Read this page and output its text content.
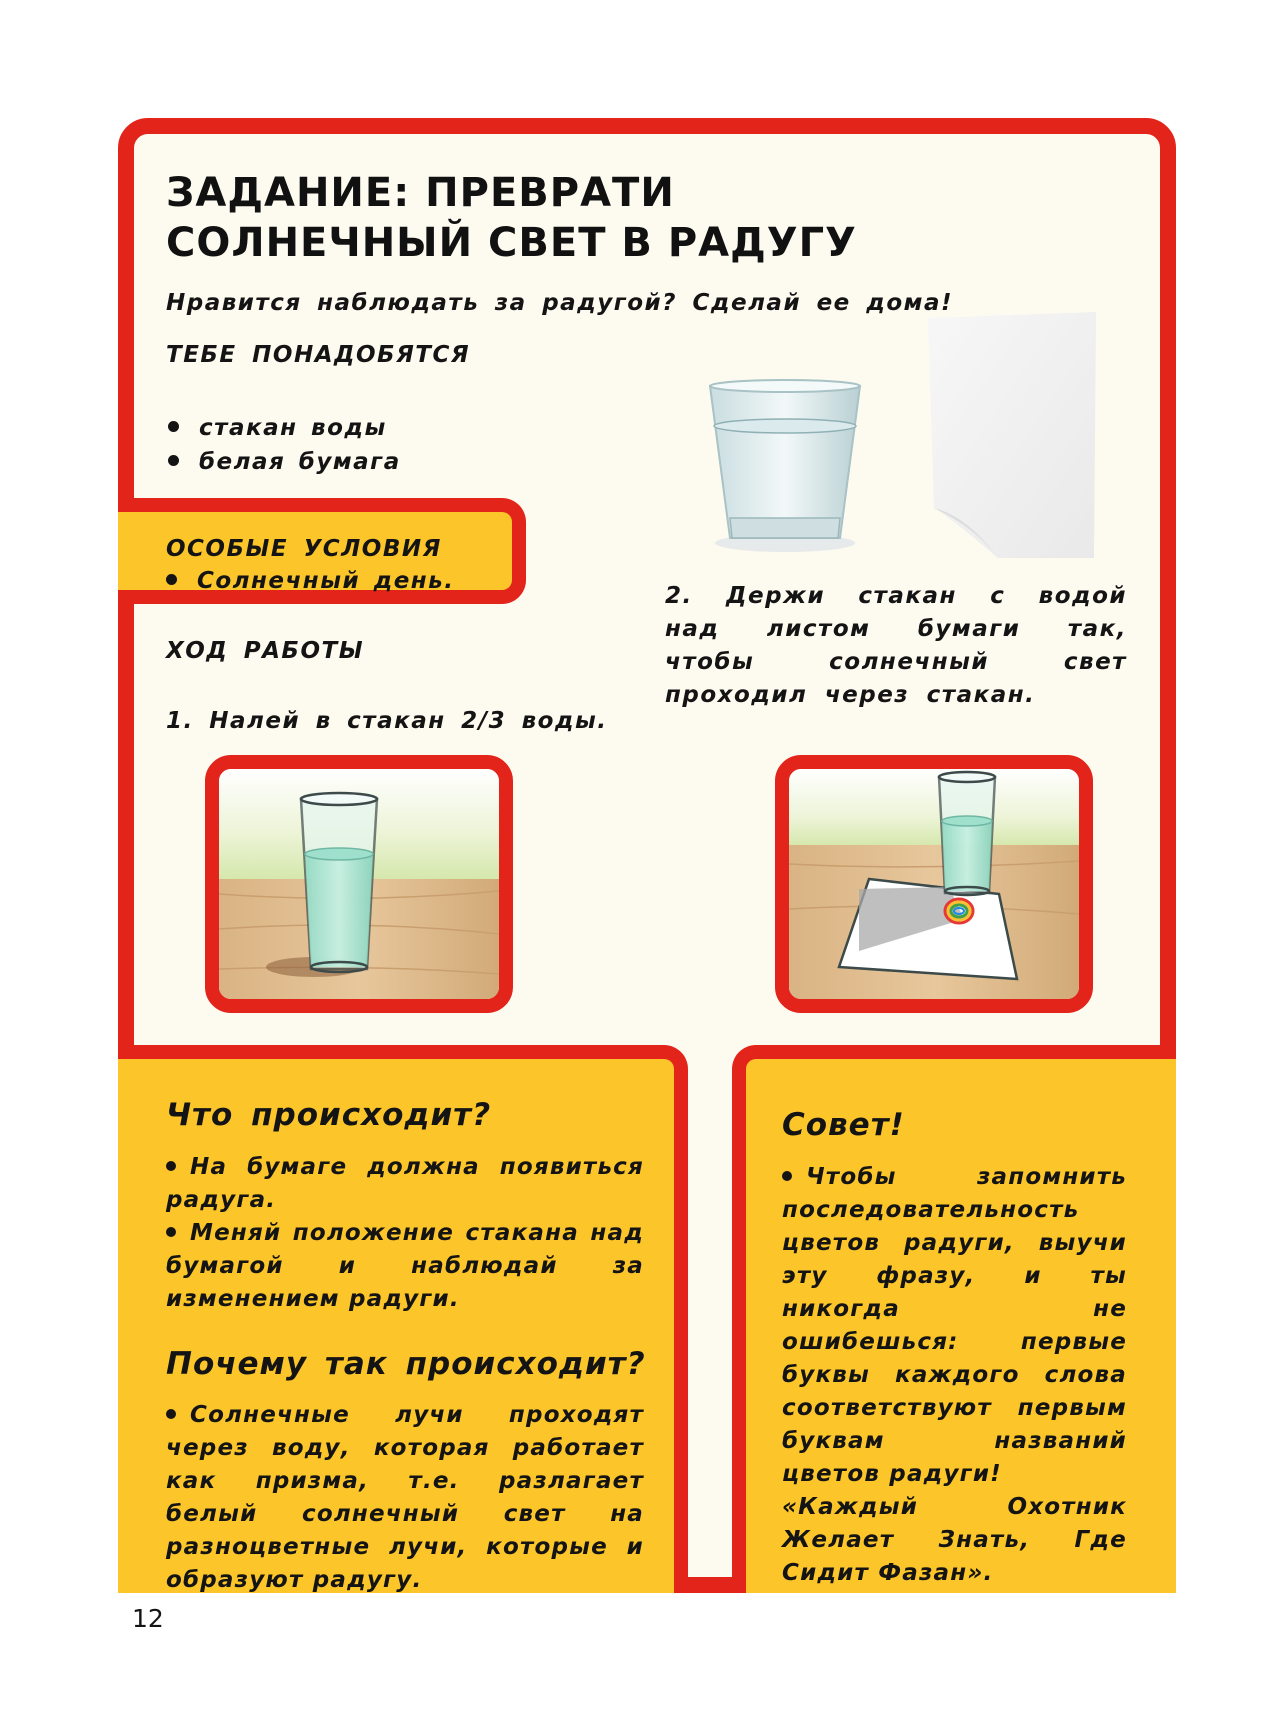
ЗАДАНИЕ: ПРЕВРАТИ
СОЛНЕЧНЫЙ СВЕТ В РАДУГУ
Нравится наблюдать за радугой? Сделай ее дома!
ТЕБЕ ПОНАДОБЯТСЯ
стакан воды
белая бумага
ОСОБЫЕ УСЛОВИЯ
Солнечный день.
2. Держи стакан с водой над листом бумаги так, чтобы солнечный свет проходил через стакан.
ХОД РАБОТЫ
1. Налей в стакан 2/3 воды.
Что происходит?

На бумаге должна появиться радуга.

Меняй положение стакана над бумагой и наблюдай за изменением радуги.

Почему так происходит?

Солнечные лучи проходят через воду, которая работает как призма, т.е. разлагает белый солнечный свет на разноцветные лучи, которые и образуют радугу.

Совет!

Чтобы запомнить последовательность цветов радуги, выучи эту фразу, и ты никогда не ошибешься: первые буквы каждого слова соответствуют первым буквам названий цветов радуги!

«Каждый Охотник Желает Знать, Где Сидит Фазан».

12
